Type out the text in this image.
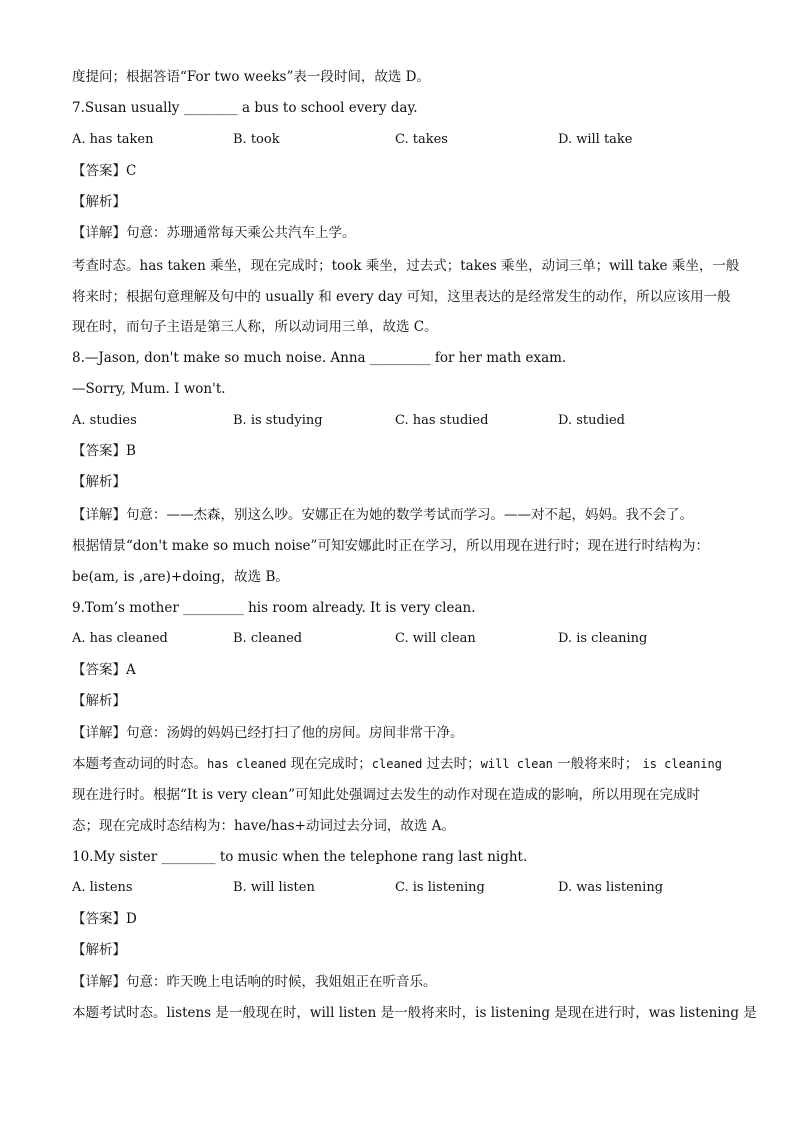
度提问；根据答语“For two weeks”表一段时间，故选 D。
7.Susan usually ________ a bus to school every day.
A. has taken	B. took	C. takes	D. will take
【答案】C
【解析】
【详解】句意：苏珊通常每天乘公共汽车上学。
考查时态。has taken 乘坐，现在完成时；took 乘坐，过去式；takes 乘坐，动词三单；will take 乘坐，一般
将来时；根据句意理解及句中的 usually 和 every day 可知，这里表达的是经常发生的动作，所以应该用一般
现在时，而句子主语是第三人称，所以动词用三单，故选 C。
8.—Jason, don't make so much noise. Anna _________ for her math exam.
—Sorry, Mum. I won't.
A. studies	B. is studying	C. has studied	D. studied
【答案】B
【解析】
【详解】句意：——杰森，别这么吵。安娜正在为她的数学考试而学习。——对不起，妈妈。我不会了。
根据情景“don't make so much noise”可知安娜此时正在学习，所以用现在进行时；现在进行时结构为：
be(am, is ,are)+doing，故选 B。
9.Tom’s mother _________ his room already. It is very clean.
A. has cleaned	B. cleaned	C. will clean	D. is cleaning
【答案】A
【解析】
【详解】句意：汤姆的妈妈已经打扫了他的房间。房间非常干净。
本题考查动词的时态。has cleaned 现在完成时；cleaned 过去时；will clean 一般将来时； is cleaning
现在进行时。根据“It is very clean”可知此处强调过去发生的动作对现在造成的影响，所以用现在完成时
态；现在完成时态结构为：have/has+动词过去分词，故选 A。
10.My sister ________ to music when the telephone rang last night.
A. listens	B. will listen	C. is listening	D. was listening
【答案】D
【解析】
【详解】句意：昨天晚上电话响的时候，我姐姐正在听音乐。
本题考试时态。listens 是一般现在时，will listen 是一般将来时，is listening 是现在进行时，was listening 是
